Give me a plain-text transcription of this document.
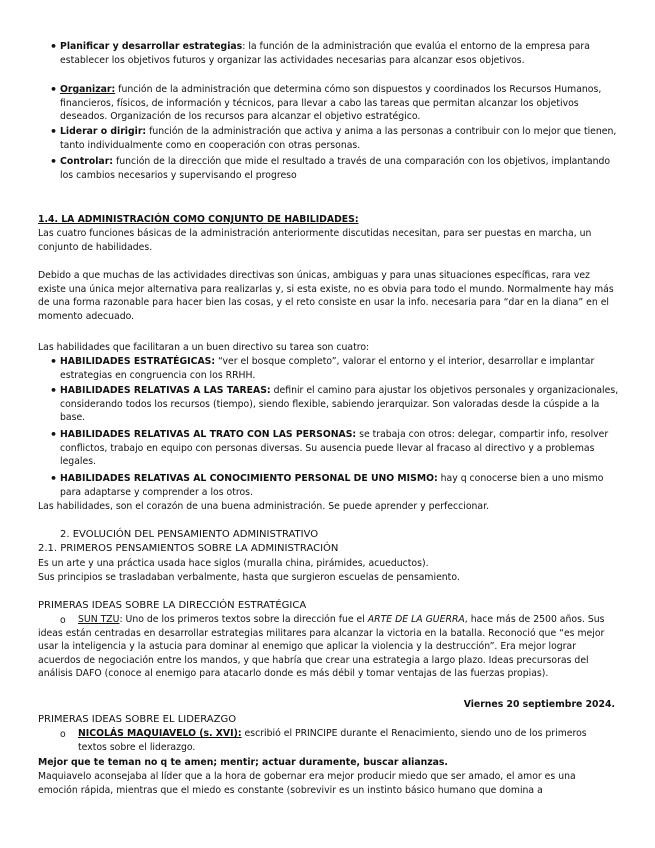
• Planificar y desarrollar estrategias: la función de la administración que evalúa el entorno de la empresa para establecer los objetivos futuros y organizar las actividades necesarias para alcanzar esos objetivos.
• Organizar: función de la administración que determina cómo son dispuestos y coordinados los Recursos Humanos, financieros, físicos, de información y técnicos, para llevar a cabo las tareas que permitan alcanzar los objetivos deseados. Organización de los recursos para alcanzar el objetivo estratégico.
• Liderar o dirigir: función de la administración que activa y anima a las personas a contribuir con lo mejor que tienen, tanto individualmente como en cooperación con otras personas.
• Controlar: función de la dirección que mide el resultado a través de una comparación con los objetivos, implantando los cambios necesarios y supervisando el progreso
1.4. LA ADMINISTRACIÓN COMO CONJUNTO DE HABILIDADES:
Las cuatro funciones básicas de la administración anteriormente discutidas necesitan, para ser puestas en marcha, un conjunto de habilidades.
Debido a que muchas de las actividades directivas son únicas, ambiguas y para unas situaciones específicas, rara vez existe una única mejor alternativa para realizarlas y, si esta existe, no es obvia para todo el mundo. Normalmente hay más de una forma razonable para hacer bien las cosas, y el reto consiste en usar la info. necesaria para “dar en la diana” en el momento adecuado.
Las habilidades que facilitaran a un buen directivo su tarea son cuatro:
• HABILIDADES ESTRATÉGICAS: “ver el bosque completo”, valorar el entorno y el interior, desarrollar e implantar estrategias en congruencia con los RRHH.
• HABILIDADES RELATIVAS A LAS TAREAS: definir el camino para ajustar los objetivos personales y organizacionales, considerando todos los recursos (tiempo), siendo flexible, sabiendo jerarquizar. Son valoradas desde la cúspide a la base.
• HABILIDADES RELATIVAS AL TRATO CON LAS PERSONAS: se trabaja con otros: delegar, compartir info, resolver conflictos, trabajo en equipo con personas diversas. Su ausencia puede llevar al fracaso al directivo y a problemas legales.
• HABILIDADES RELATIVAS AL CONOCIMIENTO PERSONAL DE UNO MISMO: hay q conocerse bien a uno mismo para adaptarse y comprender a los otros.
Las habilidades, son el corazón de una buena administración. Se puede aprender y perfeccionar.
2. EVOLUCIÓN DEL PENSAMIENTO ADMINISTRATIVO
2.1. PRIMEROS PENSAMIENTOS SOBRE LA ADMINISTRACIÓN
Es un arte y una práctica usada hace siglos (muralla china, pirámides, acueductos).
Sus principios se trasladaban verbalmente, hasta que surgieron escuelas de pensamiento.
PRIMERAS IDEAS SOBRE LA DIRECCIÓN ESTRATÉGICA
o SUN TZU: Uno de los primeros textos sobre la dirección fue el ARTE DE LA GUERRA, hace más de 2500 años. Sus ideas están centradas en desarrollar estrategias militares para alcanzar la victoria en la batalla. Reconoció que “es mejor usar la inteligencia y la astucia para dominar al enemigo que aplicar la violencia y la destrucción”. Era mejor lograr acuerdos de negociación entre los mandos, y que habría que crear una estrategia a largo plazo. Ideas precursoras del análisis DAFO (conoce al enemigo para atacarlo donde es más débil y tomar ventajas de las fuerzas propias).
Viernes 20 septiembre 2024.
PRIMERAS IDEAS SOBRE EL LIDERAZGO
o NICOLÁS MAQUIAVELO (s. XVI): escribió el PRINCIPE durante el Renacimiento, siendo uno de los primeros textos sobre el liderazgo.
Mejor que te teman no q te amen; mentir; actuar duramente, buscar alianzas.
Maquiavelo aconsejaba al líder que a la hora de gobernar era mejor producir miedo que ser amado, el amor es una emoción rápida, mientras que el miedo es constante (sobrevivir es un instinto básico humano que domina a
